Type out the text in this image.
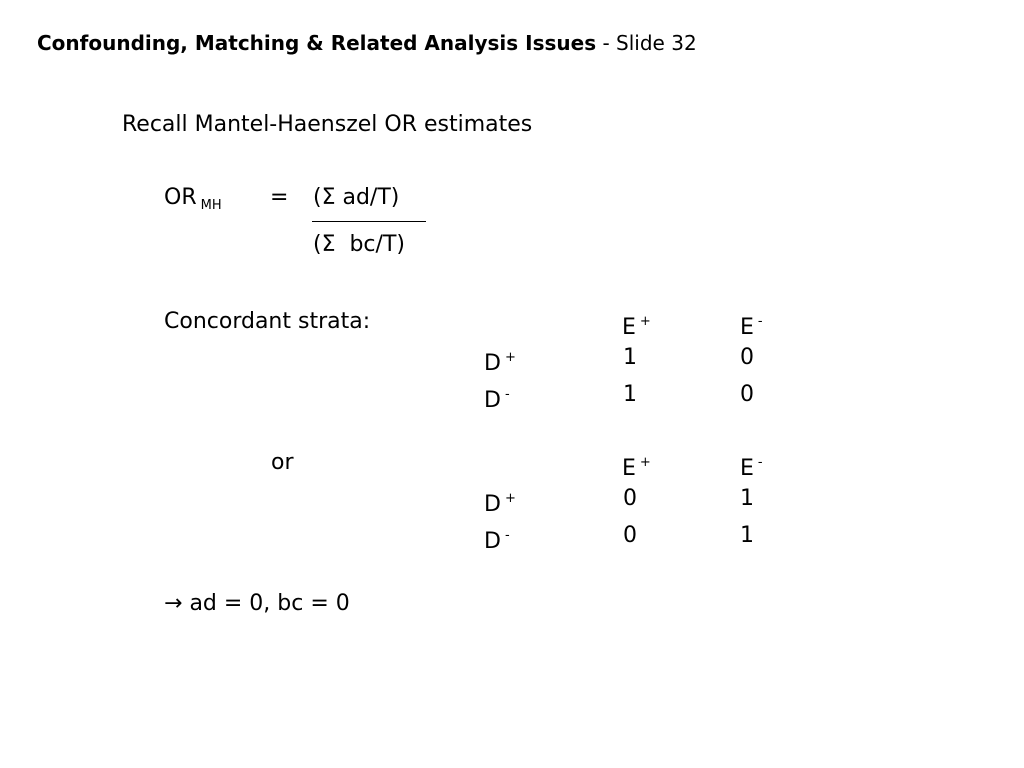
Confounding, Matching & Related Analysis Issues - Slide 32
Recall Mantel-Haenszel OR estimates
OR $_{MH}$ = (Σ ad/T)
(Σ  bc/T)
Concordant strata:	E +	E -
D +	1	0
D -	1	0
or	E +	E -
D +	0	1
D -	0	1
→ ad = 0, bc = 0
